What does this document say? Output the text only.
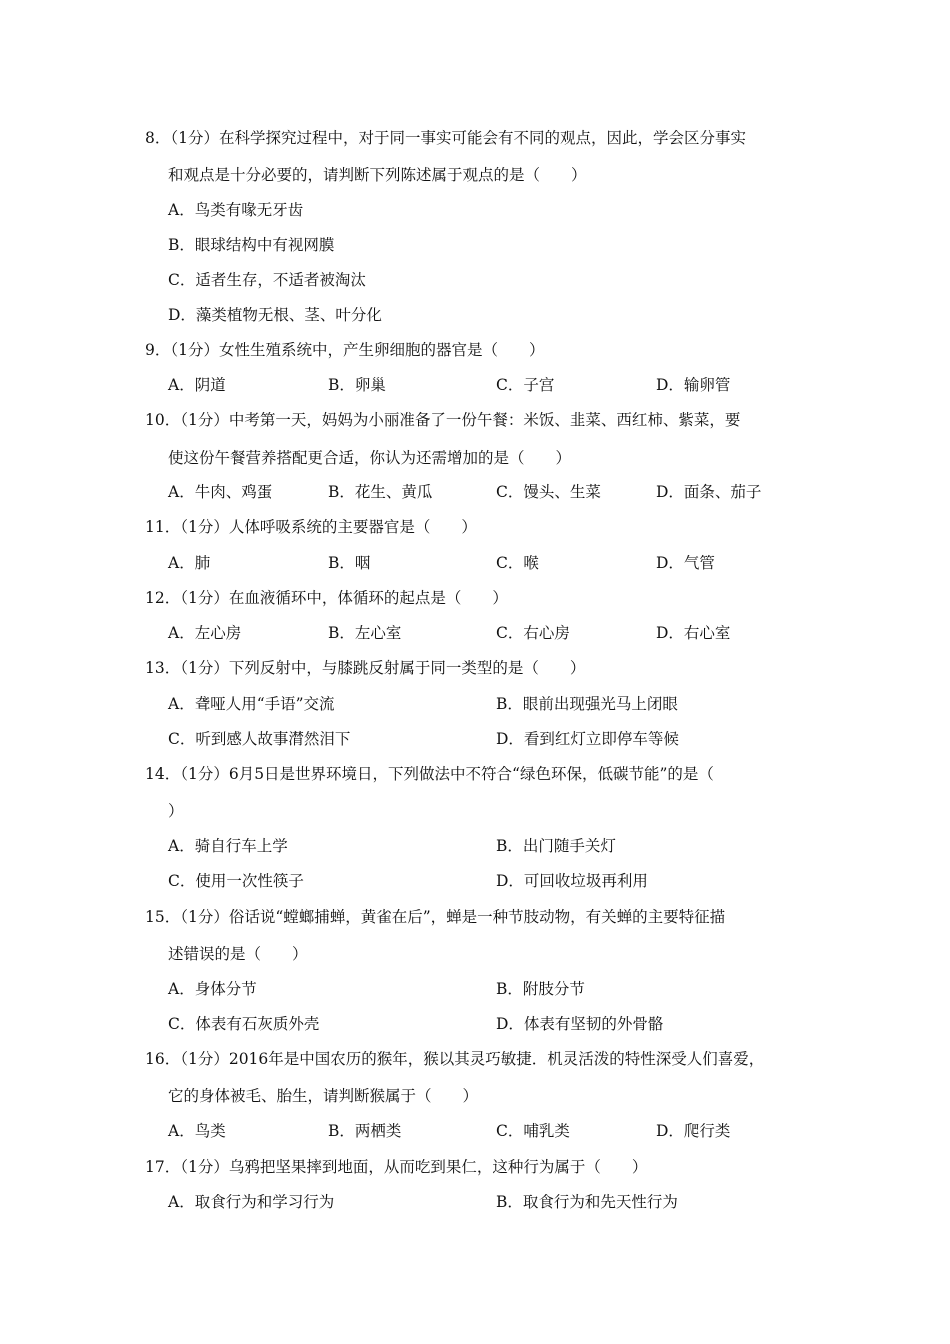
8．（1分）在科学探究过程中，对于同一事实可能会有不同的观点，因此，学会区分事实
和观点是十分必要的，请判断下列陈述属于观点的是（　　）
A．鸟类有喙无牙齿
B．眼球结构中有视网膜
C．适者生存，不适者被淘汰
D．藻类植物无根、茎、叶分化
9．（1分）女性生殖系统中，产生卵细胞的器官是（　　）
A．阴道	B．卵巢	C．子宫	D．输卵管
10．（1分）中考第一天，妈妈为小丽准备了一份午餐：米饭、韭菜、西红柿、紫菜，要
使这份午餐营养搭配更合适，你认为还需增加的是（　　）
A．牛肉、鸡蛋	B．花生、黄瓜	C．馒头、生菜	D．面条、茄子
11．（1分）人体呼吸系统的主要器官是（　　）
A．肺	B．咽	C．喉	D．气管
12．（1分）在血液循环中，体循环的起点是（　　）
A．左心房	B．左心室	C．右心房	D．右心室
13．（1分）下列反射中，与膝跳反射属于同一类型的是（　　）
A．聋哑人用“手语”交流	B．眼前出现强光马上闭眼
C．听到感人故事潸然泪下	D．看到红灯立即停车等候
14．（1分）6月5日是世界环境日，下列做法中不符合“绿色环保，低碳节能”的是（
）
A．骑自行车上学	B．出门随手关灯
C．使用一次性筷子	D．可回收垃圾再利用
15．（1分）俗话说“螳螂捕蝉，黄雀在后”，蝉是一种节肢动物，有关蝉的主要特征描
述错误的是（　　）
A．身体分节	B．附肢分节
C．体表有石灰质外壳	D．体表有坚韧的外骨骼
16．（1分）2016年是中国农历的猴年，猴以其灵巧敏捷．机灵活泼的特性深受人们喜爱，
它的身体被毛、胎生，请判断猴属于（　　）
A．鸟类	B．两栖类	C．哺乳类	D．爬行类
17．（1分）乌鸦把坚果摔到地面，从而吃到果仁，这种行为属于（　　）
A．取食行为和学习行为	B．取食行为和先天性行为
